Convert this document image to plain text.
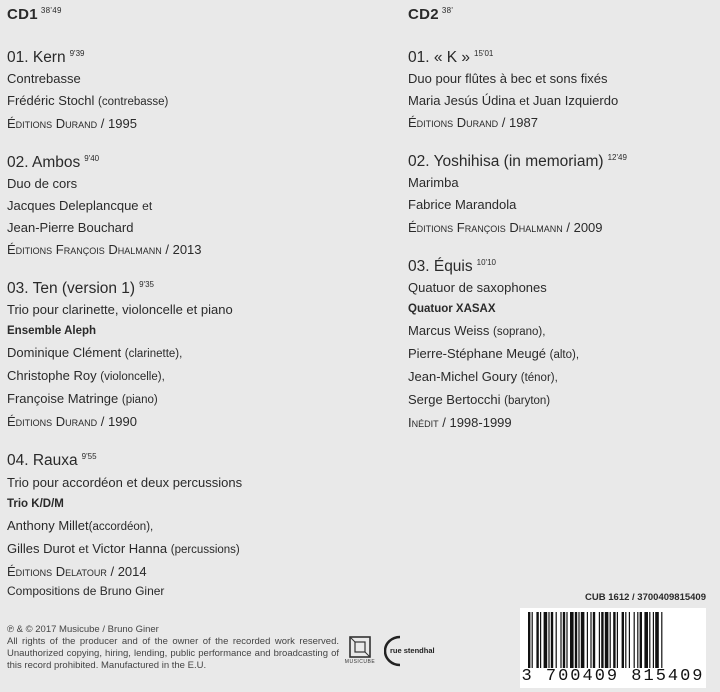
CD1 $^{38'49}$
01. Kern $^{9'39}$
Contrebasse
Frédéric Stochl (contrebasse)
Éditions Durand / 1995
02. Ambos $^{9'40}$
Duo de cors
Jacques Deleplancque et
Jean-Pierre Bouchard
Éditions François Dhalmann / 2013
03. Ten (version 1) $^{9'35}$
Trio pour clarinette, violoncelle et piano
Ensemble Aleph
Dominique Clément (clarinette),
Christophe Roy (violoncelle),
Françoise Matringe (piano)
Éditions Durand / 1990
04. Rauxa $^{9'55}$
Trio pour accordéon et deux percussions
Trio K/D/M
Anthony Millet(accordéon),
Gilles Durot et Victor Hanna (percussions)
Éditions Delatour / 2014
CD2 $^{38'}$
01. « K » $^{15'01}$
Duo pour flûtes à bec et sons fixés
Maria Jesús Údina et Juan Izquierdo
Éditions Durand / 1987
02. Yoshihisa (in memoriam) $^{12'49}$
Marimba
Fabrice Marandola
Éditions François Dhalmann / 2009
03. Équis $^{10'10}$
Quatuor de saxophones
Quatuor XASAX
Marcus Weiss (soprano),
Pierre-Stéphane Meugé (alto),
Jean-Michel Goury (ténor),
Serge Bertocchi (baryton)
Inédit / 1998-1999
Compositions de Bruno Giner
℗ & © 2017 Musicube / Bruno Giner
All rights of the producer and of the owner of the recorded work reserved. Unauthorized copying, hiring, lending, public performance and broadcasting of this record prohibited. Manufactured in the E.U.	MUSICUBE
rue stendhal
CUB 1612 / 3700409815409
3 700409 815409
